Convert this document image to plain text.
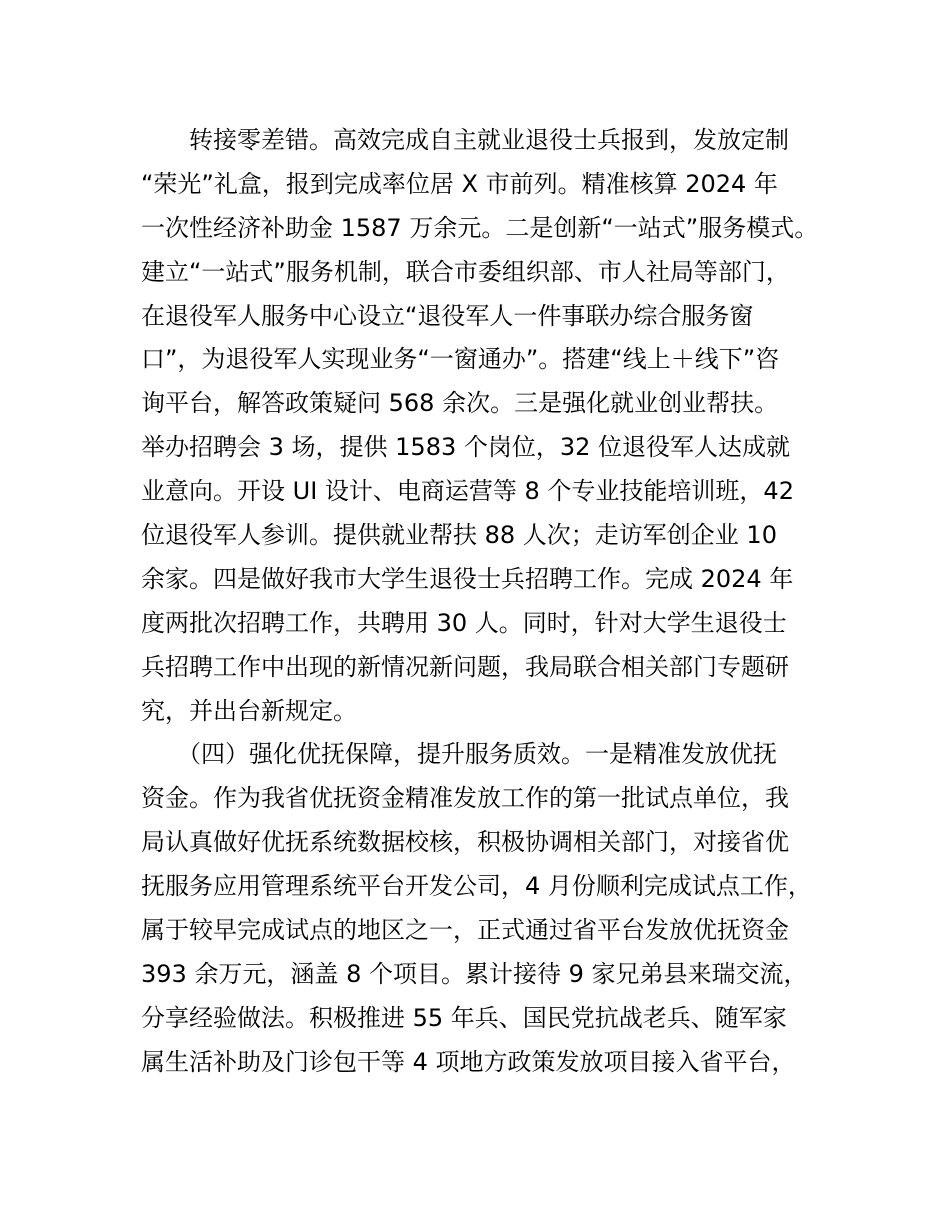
　　转接零差错。高效完成自主就业退役士兵报到，发放定制
“荣光”礼盒，报到完成率位居 X 市前列。精准核算 2024 年
一次性经济补助金 1587 万余元。二是创新“一站式”服务模式。
建立“一站式”服务机制，联合市委组织部、市人社局等部门，
在退役军人服务中心设立“退役军人一件事联办综合服务窗
口”，为退役军人实现业务“一窗通办”。搭建“线上＋线下”咨
询平台，解答政策疑问 568 余次。三是强化就业创业帮扶。
举办招聘会 3 场，提供 1583 个岗位，32 位退役军人达成就
业意向。开设 UI 设计、电商运营等 8 个专业技能培训班，42
位退役军人参训。提供就业帮扶 88 人次；走访军创企业 10
余家。四是做好我市大学生退役士兵招聘工作。完成 2024 年
度两批次招聘工作，共聘用 30 人。同时，针对大学生退役士
兵招聘工作中出现的新情况新问题，我局联合相关部门专题研
究，并出台新规定。
　　（四）强化优抚保障，提升服务质效。一是精准发放优抚
资金。作为我省优抚资金精准发放工作的第一批试点单位，我
局认真做好优抚系统数据校核，积极协调相关部门，对接省优
抚服务应用管理系统平台开发公司，4 月份顺利完成试点工作，
属于较早完成试点的地区之一，正式通过省平台发放优抚资金
393 余万元，涵盖 8 个项目。累计接待 9 家兄弟县来瑞交流，
分享经验做法。积极推进 55 年兵、国民党抗战老兵、随军家
属生活补助及门诊包干等 4 项地方政策发放项目接入省平台，
